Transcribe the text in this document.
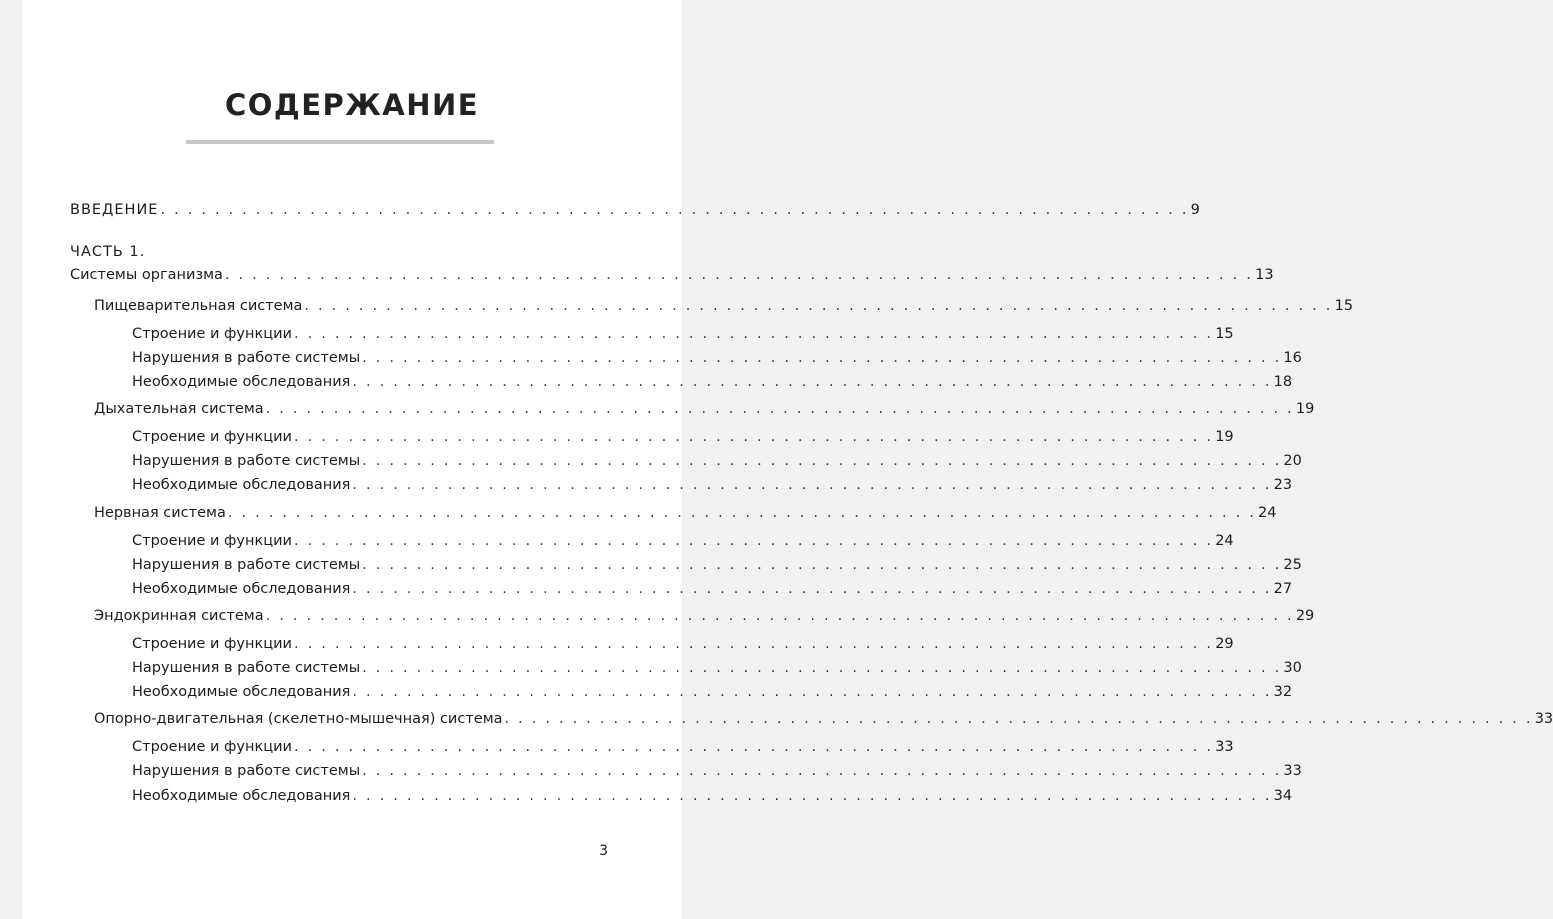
СОДЕРЖАНИЕ
ВВЕДЕНИЕ . . . . . . . . . . . . . . . . . . . . . . . . . . . . . . . . . . . . . . . . . . . . . . . . . . . . . . . . . . . . . . . . . . . . . . . . . . . . 9
ЧАСТЬ 1.
Системы организма . . . . . . . . . . . . . . . . . . . . . . . . . . . . . . . . . . . . . . . . . . . . . . . . . . . . . . . . . . . . . . . . . . . . . . . . . . . . 13
Пищеварительная система . . . . . . . . . . . . . . . . . . . . . . . . . . . . . . . . . . . . . . . . . . . . . . . . . . . . . . . . . . . . . . . . . . . . . . . . . . . . 15
Строение и функции . . . . . . . . . . . . . . . . . . . . . . . . . . . . . . . . . . . . . . . . . . . . . . . . . . . . . . . . . . . . . . . . . . . . 15
Нарушения в работе системы . . . . . . . . . . . . . . . . . . . . . . . . . . . . . . . . . . . . . . . . . . . . . . . . . . . . . . . . . . . . . . . . . . . . 16
Необходимые обследования . . . . . . . . . . . . . . . . . . . . . . . . . . . . . . . . . . . . . . . . . . . . . . . . . . . . . . . . . . . . . . . . . . . . 18
Дыхательная система . . . . . . . . . . . . . . . . . . . . . . . . . . . . . . . . . . . . . . . . . . . . . . . . . . . . . . . . . . . . . . . . . . . . . . . . . . . . 19
Строение и функции . . . . . . . . . . . . . . . . . . . . . . . . . . . . . . . . . . . . . . . . . . . . . . . . . . . . . . . . . . . . . . . . . . . . 19
Нарушения в работе системы . . . . . . . . . . . . . . . . . . . . . . . . . . . . . . . . . . . . . . . . . . . . . . . . . . . . . . . . . . . . . . . . . . . . 20
Необходимые обследования . . . . . . . . . . . . . . . . . . . . . . . . . . . . . . . . . . . . . . . . . . . . . . . . . . . . . . . . . . . . . . . . . . . . 23
Нервная система . . . . . . . . . . . . . . . . . . . . . . . . . . . . . . . . . . . . . . . . . . . . . . . . . . . . . . . . . . . . . . . . . . . . . . . . . . . . 24
Строение и функции . . . . . . . . . . . . . . . . . . . . . . . . . . . . . . . . . . . . . . . . . . . . . . . . . . . . . . . . . . . . . . . . . . . . 24
Нарушения в работе системы . . . . . . . . . . . . . . . . . . . . . . . . . . . . . . . . . . . . . . . . . . . . . . . . . . . . . . . . . . . . . . . . . . . . 25
Необходимые обследования . . . . . . . . . . . . . . . . . . . . . . . . . . . . . . . . . . . . . . . . . . . . . . . . . . . . . . . . . . . . . . . . . . . . 27
Эндокринная система . . . . . . . . . . . . . . . . . . . . . . . . . . . . . . . . . . . . . . . . . . . . . . . . . . . . . . . . . . . . . . . . . . . . . . . . . . . . 29
Строение и функции . . . . . . . . . . . . . . . . . . . . . . . . . . . . . . . . . . . . . . . . . . . . . . . . . . . . . . . . . . . . . . . . . . . . 29
Нарушения в работе системы . . . . . . . . . . . . . . . . . . . . . . . . . . . . . . . . . . . . . . . . . . . . . . . . . . . . . . . . . . . . . . . . . . . . 30
Необходимые обследования . . . . . . . . . . . . . . . . . . . . . . . . . . . . . . . . . . . . . . . . . . . . . . . . . . . . . . . . . . . . . . . . . . . . 32
Опорно-двигательная (скелетно-мышечная) система . . . . . . . . . . . . . . . . . . . . . . . . . . . . . . . . . . . . . . . . . . . . . . . . . . . . . . . . . . . . . . . . . . . . . . . . . . . . 33
Строение и функции . . . . . . . . . . . . . . . . . . . . . . . . . . . . . . . . . . . . . . . . . . . . . . . . . . . . . . . . . . . . . . . . . . . . 33
Нарушения в работе системы . . . . . . . . . . . . . . . . . . . . . . . . . . . . . . . . . . . . . . . . . . . . . . . . . . . . . . . . . . . . . . . . . . . . 33
Необходимые обследования . . . . . . . . . . . . . . . . . . . . . . . . . . . . . . . . . . . . . . . . . . . . . . . . . . . . . . . . . . . . . . . . . . . . 34
3
